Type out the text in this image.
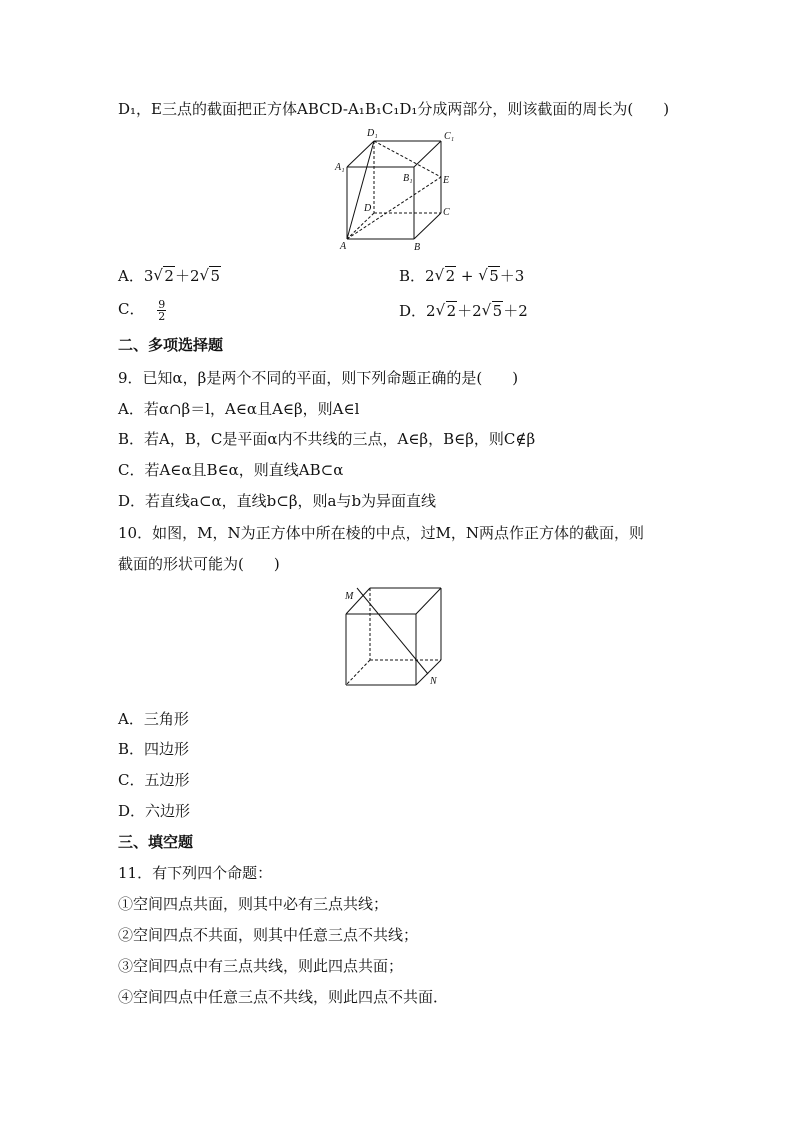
D₁，E三点的截面把正方体ABCD-A₁B₁C₁D₁分成两部分，则该截面的周长为(　　)
D₁	C₁
A₁
B₁	E
D	C
A	B
A．3 √ 2＋2 √ 5	B．2 √ 2 + √ 5＋3
C． $\frac{9}{2}$	D．2 √ 2＋2 √ 5＋2
二、多项选择题
9．已知α，β是两个不同的平面，则下列命题正确的是(　　)
A．若α∩β＝l，A∈α且A∈β，则A∈l
B．若A，B，C是平面α内不共线的三点，A∈β，B∈β，则C∉β
C．若A∈α且B∈α，则直线AB⊂α
D．若直线a⊂α，直线b⊂β，则a与b为异面直线
10．如图，M，N为正方体中所在棱的中点，过M，N两点作正方体的截面，则
截面的形状可能为(　　)
M
N
A．三角形
B．四边形
C．五边形
D．六边形
三、填空题
11．有下列四个命题：
①空间四点共面，则其中必有三点共线；
②空间四点不共面，则其中任意三点不共线；
③空间四点中有三点共线，则此四点共面；
④空间四点中任意三点不共线，则此四点不共面．
